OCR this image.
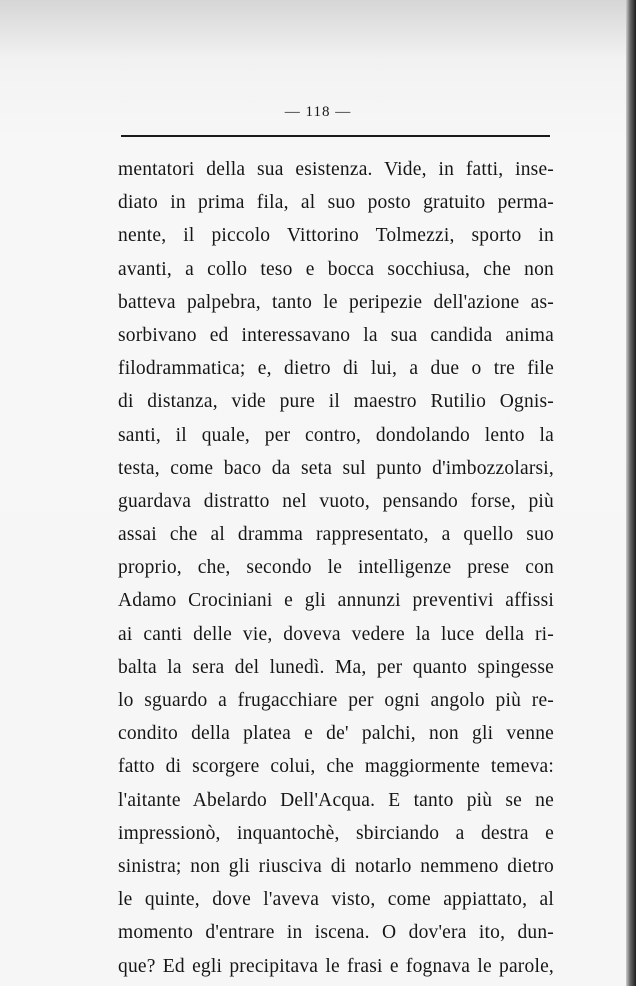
— 118 —
mentatori della sua esistenza. Vide, in fatti, inse-
diato in prima fila, al suo posto gratuito perma-
nente, il piccolo Vittorino Tolmezzi, sporto in
avanti, a collo teso e bocca socchiusa, che non
batteva palpebra, tanto le peripezie dell'azione as-
sorbivano ed interessavano la sua candida anima
filodrammatica; e, dietro di lui, a due o tre file
di distanza, vide pure il maestro Rutilio Ognis-
santi, il quale, per contro, dondolando lento la
testa, come baco da seta sul punto d'imbozzolarsi,
guardava distratto nel vuoto, pensando forse, più
assai che al dramma rappresentato, a quello suo
proprio, che, secondo le intelligenze prese con
Adamo Crociniani e gli annunzi preventivi affissi
ai canti delle vie, doveva vedere la luce della ri-
balta la sera del lunedì. Ma, per quanto spingesse
lo sguardo a frugacchiare per ogni angolo più re-
condito della platea e de' palchi, non gli venne
fatto di scorgere colui, che maggiormente temeva:
l'aitante Abelardo Dell'Acqua. E tanto più se ne
impressionò, inquantochè, sbirciando a destra e
sinistra; non gli riusciva di notarlo nemmeno dietro
le quinte, dove l'aveva visto, come appiattato, al
momento d'entrare in iscena. O dov'era ito, dun-
que? Ed egli precipitava le frasi e fognava le parole,
